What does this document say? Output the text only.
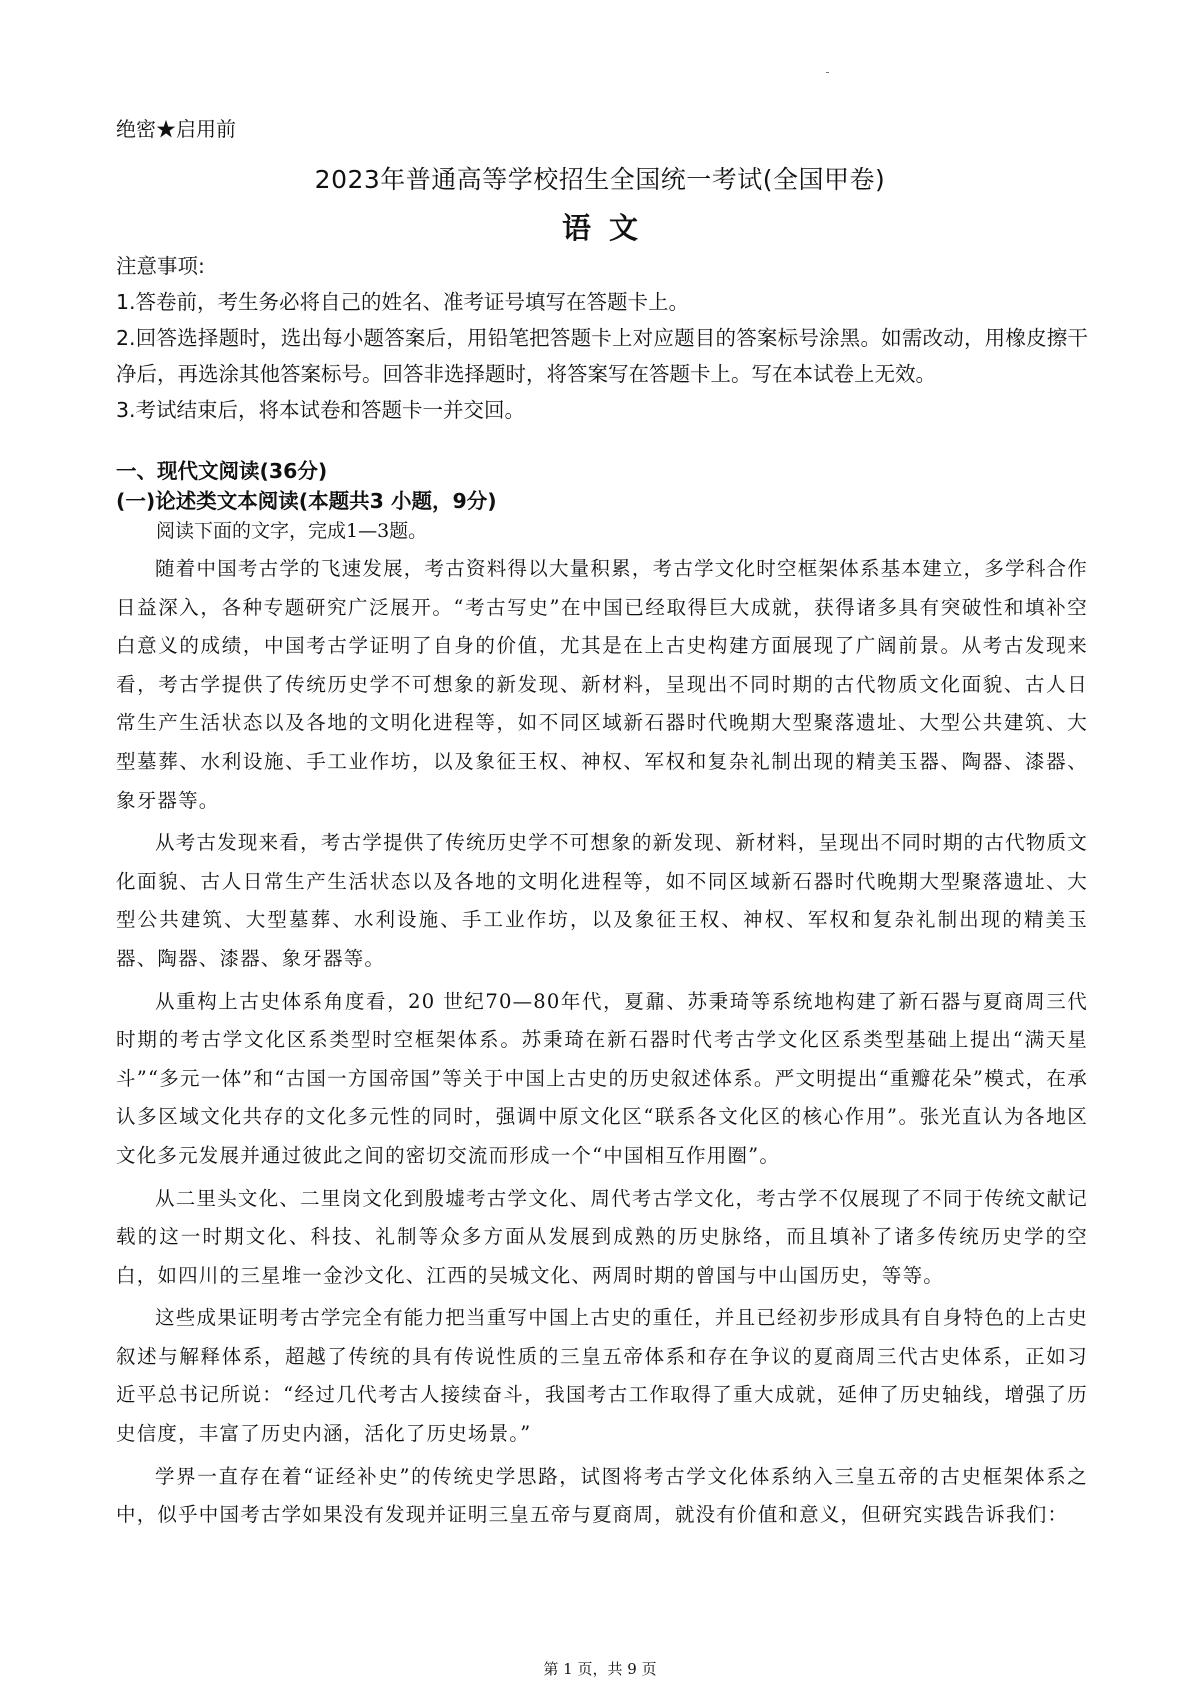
绝密★启用前
2023年普通高等学校招生全国统一考试(全国甲卷)
语文
注意事项:
1.答卷前，考生务必将自己的姓名、准考证号填写在答题卡上。
2.回答选择题时，选出每小题答案后，用铅笔把答题卡上对应题目的答案标号涂黑。如需改动，用橡皮擦干净后，再选涂其他答案标号。回答非选择题时，将答案写在答题卡上。写在本试卷上无效。
3.考试结束后，将本试卷和答题卡一并交回。
一、现代文阅读(36分)
(一)论述类文本阅读(本题共3 小题，9分)
阅读下面的文字，完成1—3题。

随着中国考古学的飞速发展，考古资料得以大量积累，考古学文化时空框架体系基本建立，多学科合作日益深入，各种专题研究广泛展开。“考古写史”在中国已经取得巨大成就，获得诸多具有突破性和填补空白意义的成绩，中国考古学证明了自身的价值，尤其是在上古史构建方面展现了广阔前景。从考古发现来看，考古学提供了传统历史学不可想象的新发现、新材料，呈现出不同时期的古代物质文化面貌、古人日常生产生活状态以及各地的文明化进程等，如不同区域新石器时代晚期大型聚落遗址、大型公共建筑、大型墓葬、水利设施、手工业作坊，以及象征王权、神权、军权和复杂礼制出现的精美玉器、陶器、漆器、象牙器等。

从考古发现来看，考古学提供了传统历史学不可想象的新发现、新材料，呈现出不同时期的古代物质文化面貌、古人日常生产生活状态以及各地的文明化进程等，如不同区域新石器时代晚期大型聚落遗址、大型公共建筑、大型墓葬、水利设施、手工业作坊，以及象征王权、神权、军权和复杂礼制出现的精美玉器、陶器、漆器、象牙器等。

从重构上古史体系角度看，20 世纪70—80年代，夏鼐、苏秉琦等系统地构建了新石器与夏商周三代时期的考古学文化区系类型时空框架体系。苏秉琦在新石器时代考古学文化区系类型基础上提出“满天星斗”“多元一体”和“古国一方国帝国”等关于中国上古史的历史叙述体系。严文明提出“重瓣花朵”模式，在承认多区域文化共存的文化多元性的同时，强调中原文化区“联系各文化区的核心作用”。张光直认为各地区文化多元发展并通过彼此之间的密切交流而形成一个“中国相互作用圈”。

从二里头文化、二里岗文化到殷墟考古学文化、周代考古学文化，考古学不仅展现了不同于传统文献记载的这一时期文化、科技、礼制等众多方面从发展到成熟的历史脉络，而且填补了诸多传统历史学的空白，如四川的三星堆一金沙文化、江西的吴城文化、两周时期的曾国与中山国历史，等等。

这些成果证明考古学完全有能力把当重写中国上古史的重任，并且已经初步形成具有自身特色的上古史叙述与解释体系，超越了传统的具有传说性质的三皇五帝体系和存在争议的夏商周三代古史体系，正如习近平总书记所说：“经过几代考古人接续奋斗，我国考古工作取得了重大成就，延伸了历史轴线，增强了历史信度，丰富了历史内涵，活化了历史场景。”

学界一直存在着“证经补史”的传统史学思路，试图将考古学文化体系纳入三皇五帝的古史框架体系之中，似乎中国考古学如果没有发现并证明三皇五帝与夏商周，就没有价值和意义，但研究实践告诉我们：

第 1 页，共 9 页
